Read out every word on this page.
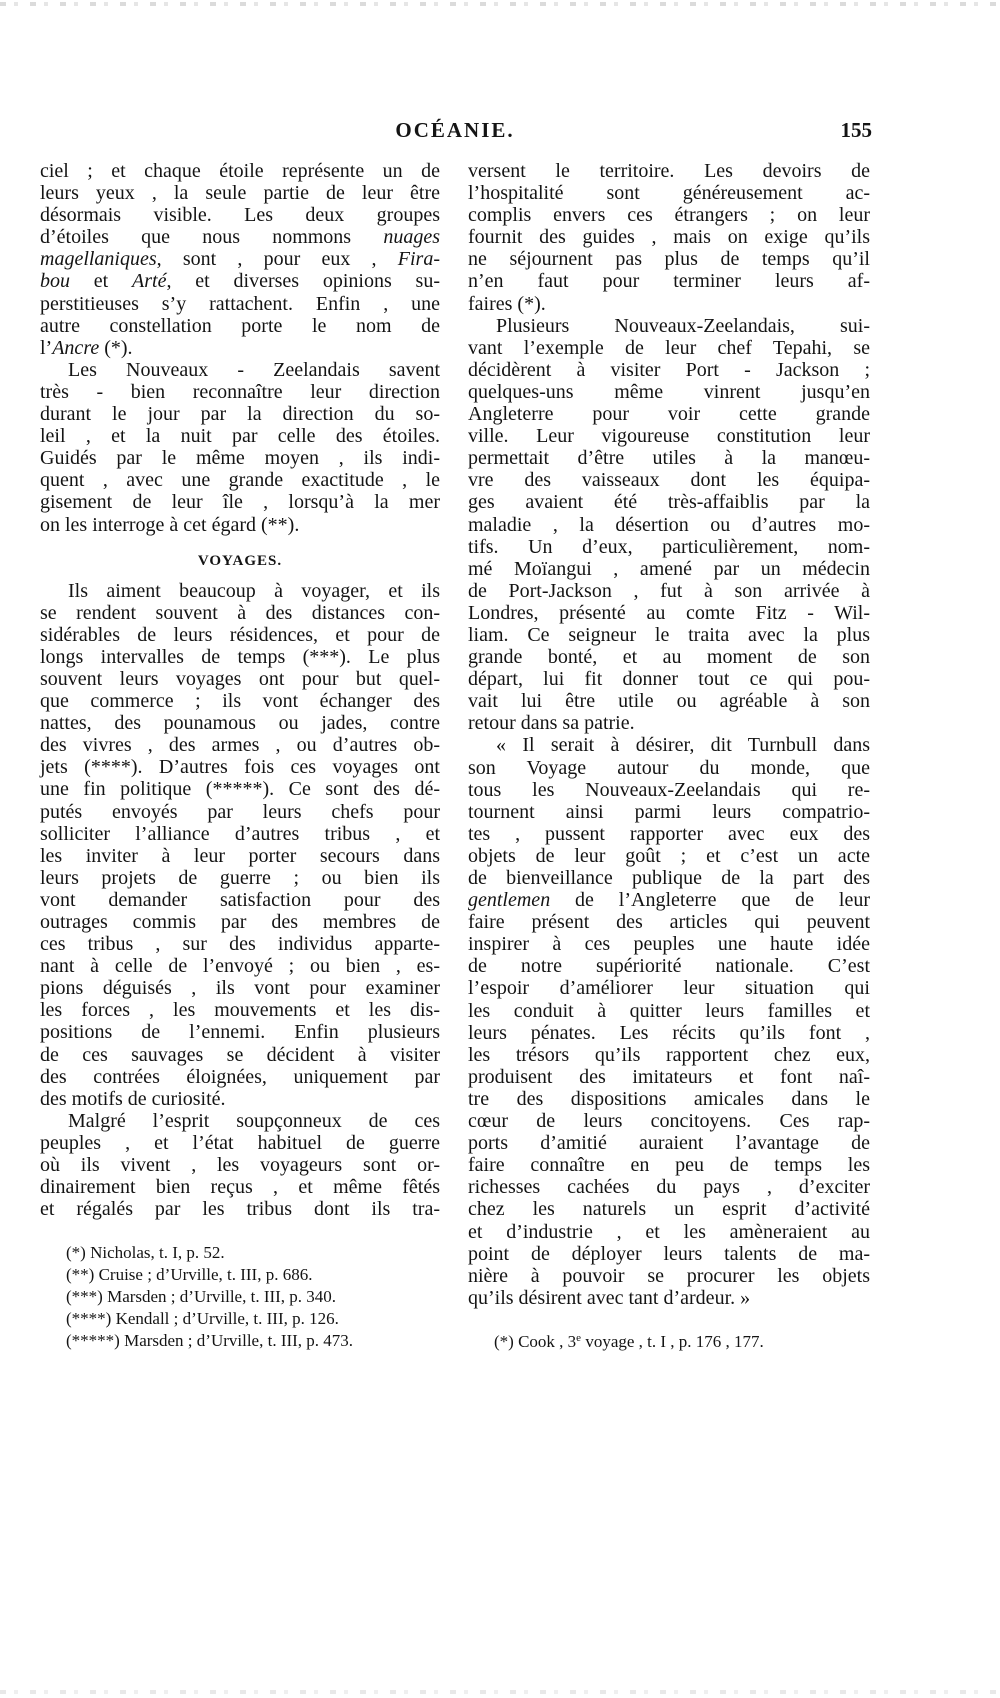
OCÉANIE.	155
ciel ; et chaque étoile représente un de
leurs yeux , la seule partie de leur être
désormais visible. Les deux groupes
d’étoiles que nous nommons nuages
magellaniques, sont , pour eux , Fira-
bou et Arté, et diverses opinions su-
perstitieuses s’y rattachent. Enfin , une
autre constellation porte le nom de
l’Ancre (*).
Les Nouveaux - Zeelandais savent
très - bien reconnaître leur direction
durant le jour par la direction du so-
leil , et la nuit par celle des étoiles.
Guidés par le même moyen , ils indi-
quent , avec une grande exactitude , le
gisement de leur île , lorsqu’à la mer
on les interroge à cet égard (**).
VOYAGES.
Ils aiment beaucoup à voyager, et ils
se rendent souvent à des distances con-
sidérables de leurs résidences, et pour de
longs intervalles de temps (***). Le plus
souvent leurs voyages ont pour but quel-
que commerce ; ils vont échanger des
nattes, des pounamous ou jades, contre
des vivres , des armes , ou d’autres ob-
jets (****). D’autres fois ces voyages ont
une fin politique (*****). Ce sont des dé-
putés envoyés par leurs chefs pour
solliciter l’alliance d’autres tribus , et
les inviter à leur porter secours dans
leurs projets de guerre ; ou bien ils
vont demander satisfaction pour des
outrages commis par des membres de
ces tribus , sur des individus apparte-
nant à celle de l’envoyé ; ou bien , es-
pions déguisés , ils vont pour examiner
les forces , les mouvements et les dis-
positions de l’ennemi. Enfin plusieurs
de ces sauvages se décident à visiter
des contrées éloignées, uniquement par
des motifs de curiosité.
Malgré l’esprit soupçonneux de ces
peuples , et l’état habituel de guerre
où ils vivent , les voyageurs sont or-
dinairement bien reçus , et même fêtés
et régalés par les tribus dont ils tra-
(*) Nicholas, t. I, p. 52.
(**) Cruise ; d’Urville, t. III, p. 686.
(***) Marsden ; d’Urville, t. III, p. 340.
(****) Kendall ; d’Urville, t. III, p. 126.
(*****) Marsden ; d’Urville, t. III, p. 473.
versent le territoire. Les devoirs de
l’hospitalité sont généreusement ac-
complis envers ces étrangers ; on leur
fournit des guides , mais on exige qu’ils
ne séjournent pas plus de temps qu’il
n’en faut pour terminer leurs af-
faires (*).
Plusieurs Nouveaux-Zeelandais, sui-
vant l’exemple de leur chef Tepahi, se
décidèrent à visiter Port - Jackson ;
quelques-uns même vinrent jusqu’en
Angleterre pour voir cette grande
ville. Leur vigoureuse constitution leur
permettait d’être utiles à la manœu-
vre des vaisseaux dont les équipa-
ges avaient été très-affaiblis par la
maladie , la désertion ou d’autres mo-
tifs. Un d’eux, particulièrement, nom-
mé Moïangui , amené par un médecin
de Port-Jackson , fut à son arrivée à
Londres, présenté au comte Fitz - Wil-
liam. Ce seigneur le traita avec la plus
grande bonté, et au moment de son
départ, lui fit donner tout ce qui pou-
vait lui être utile ou agréable à son
retour dans sa patrie.
« Il serait à désirer, dit Turnbull dans
son Voyage autour du monde, que
tous les Nouveaux-Zeelandais qui re-
tournent ainsi parmi leurs compatrio-
tes , pussent rapporter avec eux des
objets de leur goût ; et c’est un acte
de bienveillance publique de la part des
gentlemen de l’Angleterre que de leur
faire présent des articles qui peuvent
inspirer à ces peuples une haute idée
de notre supériorité nationale. C’est
l’espoir d’améliorer leur situation qui
les conduit à quitter leurs familles et
leurs pénates. Les récits qu’ils font ,
les trésors qu’ils rapportent chez eux,
produisent des imitateurs et font naî-
tre des dispositions amicales dans le
cœur de leurs concitoyens. Ces rap-
ports d’amitié auraient l’avantage de
faire connaître en peu de temps les
richesses cachées du pays , d’exciter
chez les naturels un esprit d’activité
et d’industrie , et les amèneraient au
point de déployer leurs talents de ma-
nière à pouvoir se procurer les objets
qu’ils désirent avec tant d’ardeur. »
(*) Cook , 3e voyage , t. I , p. 176 , 177.
